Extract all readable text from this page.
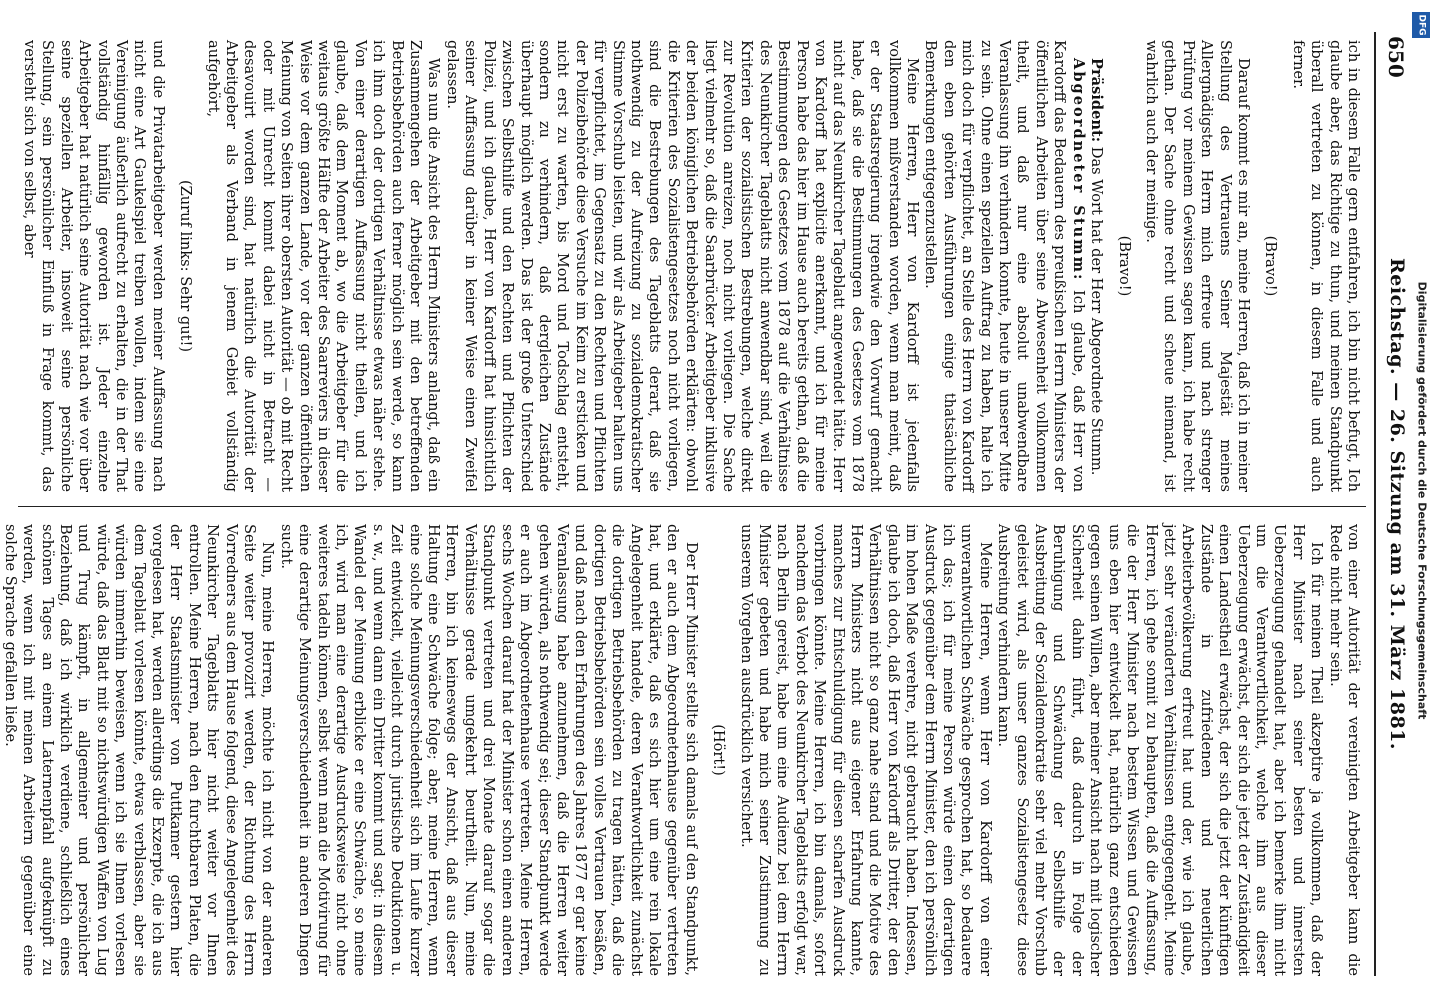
650
Reichstag. — 26. Sitzung am 31. März 1881.

ich in diesem Falle gern entfahren, ich bin nicht befugt, Ich glaube aber, das Richtige zu thun, und meinen Standpunkt überall vertreten zu können, in diesem Falle und auch ferner.

(Bravo!)

Darauf kommt es mir an, meine Herren, daß ich in meiner Stellung des Vertrauens Seiner Majestät meines Allergnädigsten Herrn mich erfreue und nach strenger Prüfung vor meinem Gewissen sagen kann, ich habe recht gethan. Der Sache ohne recht und scheue niemand, ist wahrlich auch der meinige.

(Bravo!)

Präsident: Das Wort hat der Herr Abgeordnete Stumm.

Abgeordneter Stumm: Ich glaube, daß Herr von Kardorff das Bedauern des preußischen Herrn Ministers der öffentlichen Arbeiten über seine Abwesenheit vollkommen theilt, und daß nur eine absolut unabwendbare Veranlassung ihn verhindern konnte, heute in unserer Mitte zu sein. Ohne einen speziellen Auftrag zu haben, halte ich mich doch für verpflichtet, an Stelle des Herrn von Kardorff den eben gehörten Ausführungen einige thatsächliche Bemerkungen entgegenzustellen.

Meine Herren, Herr von Kardorff ist jedenfalls vollkommen mißverstanden worden, wenn man meint, daß er der Staatsregierung irgendwie den Vorwurf gemacht habe, daß sie die Bestimmungen des Gesetzes vom 1878 nicht auf das Neunkircher Tageblatt angewendet hätte. Herr von Kardorff hat explicite anerkannt, und ich für meine Person habe das hier im Hause auch bereits gethan, daß die Bestimmungen des Gesetzes vom 1878 auf die Verhältnisse des Neunkircher Tageblatts nicht anwendbar sind, weil die Kriterien der sozialistischen Bestrebungen, welche direkt zur Revolution anreizen, noch nicht vorliegen. Die Sache liegt vielmehr so, daß die Saarbrücker Arbeitgeber inklusive der beiden königlichen Betriebsbehörden erklärten: obwohl die Kriterien des Sozialistengesetzes noch nicht vorliegen, sind die Bestrebungen des Tageblatts derart, daß sie nothwendig zu der Aufreizung zu sozialdemokratischer Stimme Vorschub leisten, und wir als Arbeitgeber halten uns für verpflichtet, im Gegensatz zu den Rechten und Pflichten der Polizeibehörde diese Versuche im Keim zu ersticken und nicht erst zu warten, bis Mord und Todschlag entsteht, sondern zu verhindern, daß dergleichen Zustände überhaupt möglich werden. Das ist der große Unterschied zwischen Selbsthilfe und den Rechten und Pflichten der Polizei, und ich glaube, Herr von Kardorff hat hinsichtlich seiner Auffassung darüber in keiner Weise einen Zweifel gelassen.

Was nun die Ansicht des Herrn Ministers anlangt, daß ein Zusammengehen der Arbeitgeber mit den betreffenden Betriebsbehörden auch ferner möglich sein werde, so kann ich ihm doch der dortigen Verhältnisse etwas näher stehe. Von einer derartigen Auffassung nicht theilen, und ich glaube, daß dem Moment ab, wo die Arbeitgeber für die weitaus größte Hälfte der Arbeiter des Saarreviers in dieser Weise vor dem ganzen Lande, vor der ganzen öffentlichen Meinung von Seiten ihrer obersten Autorität — ob mit Recht oder mit Unrecht kommt dabei nicht in Betracht — desavouirt worden sind, hat natürlich die Autorität der Arbeitgeber als Verband in jenem Gebiet vollständig aufgehört,

(Zuruf links: Sehr gut!)

und die Privatarbeitgeber werden meiner Auffassung nach nicht eine Art Gaukelspiel treiben wollen, indem sie eine Vereinigung äußerlich aufrecht zu erhalten, die in der That vollständig hinfällig geworden ist. Jeder einzelne Arbeitgeber hat natürlich seine Autorität nach wie vor über seine speziellen Arbeiter, insoweit seine persönliche Stellung, sein persönlicher Einfluß in Frage kommt, das versteht sich von selbst, aber

von einer Autorität der vereinigten Arbeitgeber kann die Rede nicht mehr sein.

Ich für meinen Theil akzeptire ja vollkommen, daß der Herr Minister nach seiner besten und innersten Ueberzeugung gehandelt hat, aber ich bemerke ihm nicht um die Verantwortlichkeit, welche ihm aus dieser Ueberzeugung erwächst, der sich die jetzt der Zuständigkeit einen Landestheil erwächst, der sich die jetzt der künftigen Zustände in zufriedenen und neuerlichen Arbeiterbevölkerung erfreut hat und der, wie ich glaube, jetzt sehr veränderten Verhältnissen entgegengeht. Meine Herren, ich gehe sonnit zu behaupten, daß die Auffassung, die der Herr Minister nach bestem Wissen und Gewissen uns eben hier entwickelt hat, natürlich ganz entschieden gegen seinen Willen, aber meiner Ansicht nach mit logischer Sicherheit dahin führt, daß dadurch in Folge der Beruhigung und Schwächung der Selbsthilfe der Ausbreitung der Sozialdemokratie sehr viel mehr Vorschub geleistet wird, als unser ganzes Sozialistengesetz diese Ausbreitung verhindern kann.

Meine Herren, wenn Herr von Kardorff von einer unverantwortlichen Schwäche gesprochen hat, so bedauere ich das; ich für meine Person würde einen derartigen Ausdruck gegenüber dem Herrn Minister, den ich persönlich im hohen Maße verehre, nicht gebraucht haben. Indessen, glaube ich doch, daß Herr von Kardorff als Dritter, der den Verhältnissen nicht so ganz nahe stand und die Motive des Herrn Ministers nicht aus eigener Erfahrung kannte, manches zur Entschuldigung für diesen scharfen Ausdruck vorbringen könnte. Meine Herren, ich bin damals, sofort nachdem das Verbot des Neunkircher Tageblatts erfolgt war, nach Berlin gereist, habe um eine Audienz bei dem Herrn Minister gebeten und habe mich seiner Zustimmung zu unserem Vorgehen ausdrücklich versichert.

(Hört!)

Der Herr Minister stellte sich damals auf den Standpunkt, den er auch dem Abgeordnetenhause gegenüber vertreten hat, und erklärte, daß es sich hier um eine rein lokale Angelegenheit handele, deren Verantwortlichkeit zunächst die dortigen Betriebsbehörden zu tragen hätten, daß die dortigen Betriebsbehörden sein volles Vertrauen besäßen, und daß nach den Erfahrungen des Jahres 1877 er gar keine Veranlassung habe anzunehmen, daß die Herren weiter gehen würden, als nothwendig sei; dieser Standpunkt werde er auch im Abgeordnetenhause vertreten. Meine Herren, sechs Wochen darauf hat der Minister schon einen anderen Standpunkt vertreten und drei Monate darauf sogar die Verhältnisse gerade umgekehrt beurtheilt. Nun, meine Herren, bin ich keineswegs der Ansicht, daß aus dieser Haltung eine Schwäche folge; aber, meine Herren, wenn eine solche Meinungsverschiedenheit sich im Laufe kurzer Zeit entwickelt, vielleicht durch juristische Deduktionen u. s. w., und wenn dann ein Dritter kommt und sagt: in diesem Wandel der Meinung erblicke er eine Schwäche, so meine ich, wird man eine derartige Ausdrucksweise nicht ohne weiteres tadeln können, selbst wenn man die Motivirung für eine derartige Meinungsverschiedenheit in anderen Dingen sucht.

Nun, meine Herren, möchte ich nicht von der anderen Seite weiter provozirt werden, der Richtung des Herrn Vorredners aus dem Hause folgend, diese Angelegenheit des Neunkircher Tageblatts hier nicht weiter vor Ihnen entrollen. Meine Herren, nach den furchtbaren Platen, die der Herr Staatsminister von Puttkamer gestern hier vorgelesen hat, werden allerdings die Exzerpte, die ich aus dem Tageblatt vorlesen könnte, etwas verblassen, aber sie würden immerhin beweisen, wenn ich sie Ihnen vorlesen würde, daß das Blatt mit so nichtswürdigen Waffen von Lug und Trug kämpft, in allgemeiner und persönlicher Beziehung, daß ich wirklich verdiene, schließlich eines schönen Tages an einem Laternenpfahl aufgeknüpft zu werden, wenn ich mit meinen Arbeitern gegenüber eine solche Sprache gefallen ließe.	Digitalisierung gefördert durch die Deutsche Forschungsgemeinschaft
DFG
